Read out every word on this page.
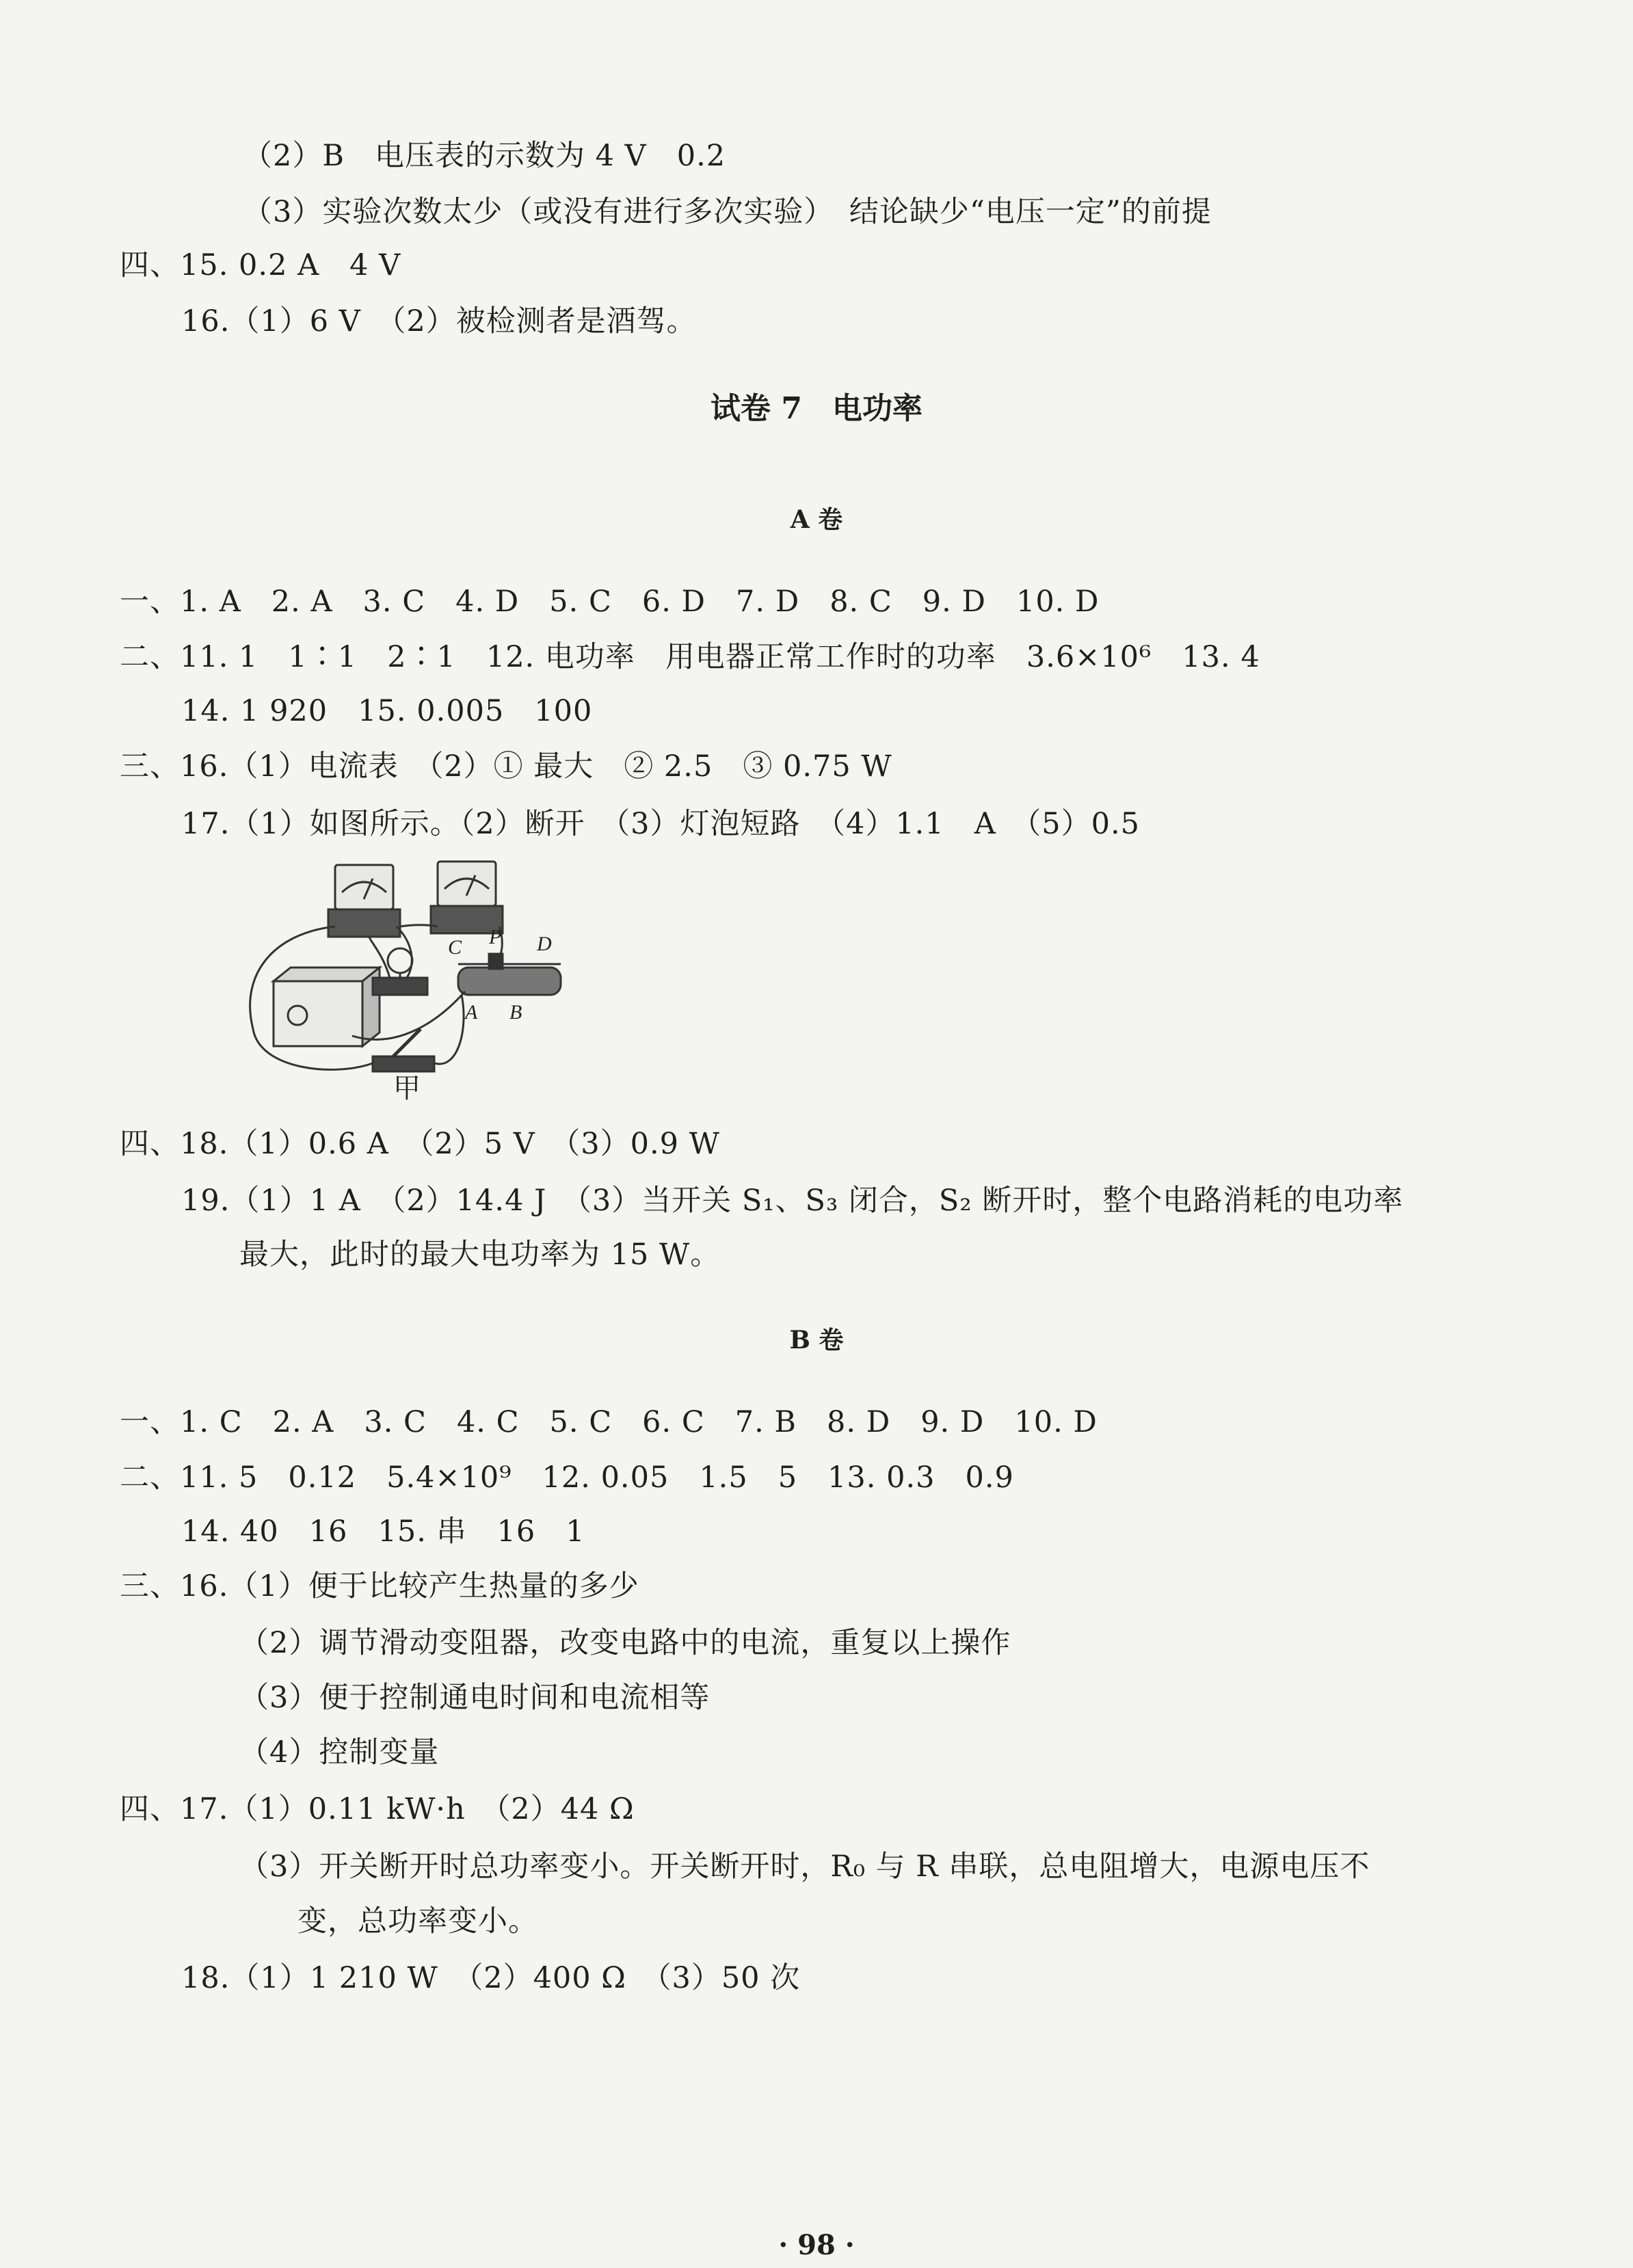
（2）B　电压表的示数为 4 V　0.2
（3）实验次数太少（或没有进行多次实验）　结论缺少“电压一定”的前提
四、15. 0.2 A　4 V
16.（1）6 V　（2）被检测者是酒驾。
试卷 7　电功率
A 卷
一、1. A　2. A　3. C　4. D　5. C　6. D　7. D　8. C　9. D　10. D
二、11. 1　1∶1　2∶1　12. 电功率　用电器正常工作时的功率　3.6×10⁶　13. 4
14. 1 920　15. 0.005　100
三、16.（1）电流表　（2）① 最大　② 2.5　③ 0.75 W
17.（1）如图所示。（2）断开　（3）灯泡短路　（4）1.1　A　（5）0.5
C P D
A B
甲
四、18.（1）0.6 A　（2）5 V　（3）0.9 W
19.（1）1 A　（2）14.4 J　（3）当开关 S₁、S₃ 闭合，S₂ 断开时，整个电路消耗的电功率
最大，此时的最大电功率为 15 W。
B 卷
一、1. C　2. A　3. C　4. C　5. C　6. C　7. B　8. D　9. D　10. D
二、11. 5　0.12　5.4×10⁹　12. 0.05　1.5　5　13. 0.3　0.9
14. 40　16　15. 串　16　1
三、16.（1）便于比较产生热量的多少
（2）调节滑动变阻器，改变电路中的电流，重复以上操作
（3）便于控制通电时间和电流相等
（4）控制变量
四、17.（1）0.11 kW·h　（2）44 Ω
（3）开关断开时总功率变小。开关断开时，R₀ 与 R 串联，总电阻增大，电源电压不
变，总功率变小。
18.（1）1 210 W　（2）400 Ω　（3）50 次
· 98 ·
